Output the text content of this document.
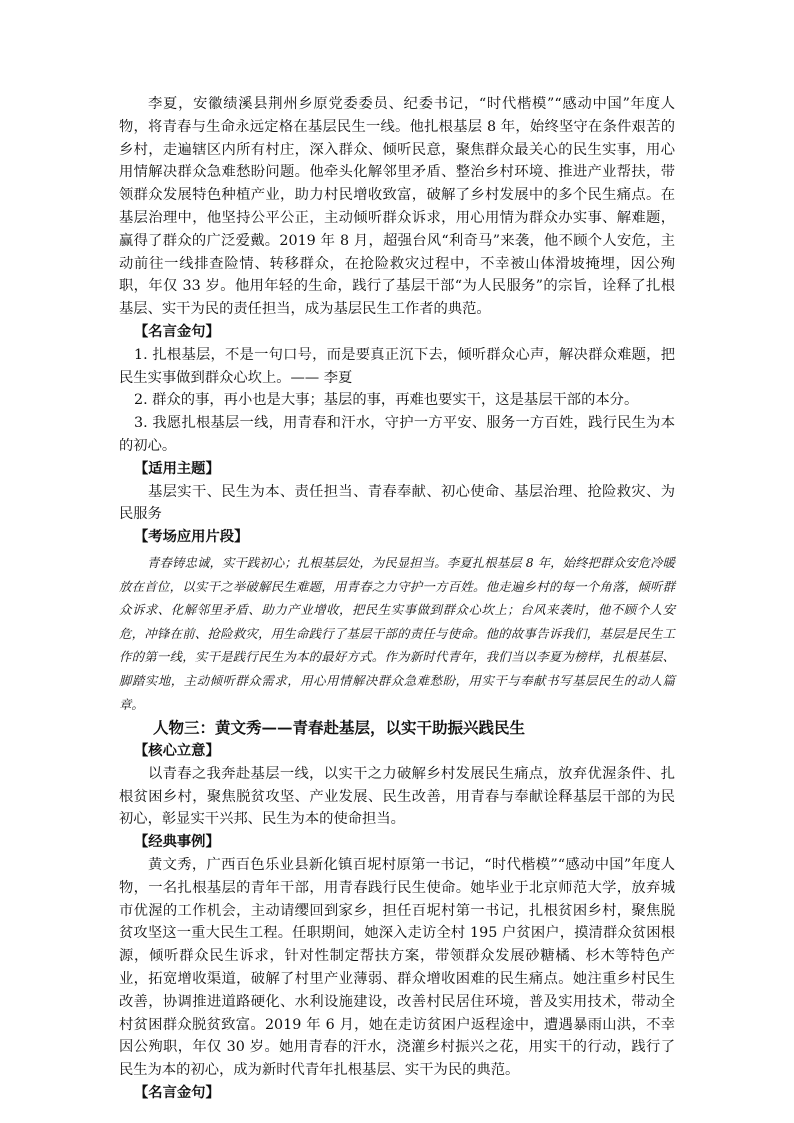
李夏，安徽绩溪县荆州乡原党委委员、纪委书记，“时代楷模”“感动中国”年度人物，将青春与生命永远定格在基层民生一线。他扎根基层 8 年，始终坚守在条件艰苦的乡村，走遍辖区内所有村庄，深入群众、倾听民意，聚焦群众最关心的民生实事，用心用情解决群众急难愁盼问题。他牵头化解邻里矛盾、整治乡村环境、推进产业帮扶，带领群众发展特色种植产业，助力村民增收致富，破解了乡村发展中的多个民生痛点。在基层治理中，他坚持公平公正，主动倾听群众诉求，用心用情为群众办实事、解难题，赢得了群众的广泛爱戴。2019 年 8 月，超强台风“利奇马”来袭，他不顾个人安危，主动前往一线排查险情、转移群众，在抢险救灾过程中，不幸被山体滑坡掩埋，因公殉职，年仅 33 岁。他用年轻的生命，践行了基层干部“为人民服务”的宗旨，诠释了扎根基层、实干为民的责任担当，成为基层民生工作者的典范。

【名言金句】

1. 扎根基层，不是一句口号，而是要真正沉下去，倾听群众心声，解决群众难题，把民生实事做到群众心坎上。—— 李夏

2. 群众的事，再小也是大事；基层的事，再难也要实干，这是基层干部的本分。

3. 我愿扎根基层一线，用青春和汗水，守护一方平安、服务一方百姓，践行民生为本的初心。

【适用主题】

基层实干、民生为本、责任担当、青春奉献、初心使命、基层治理、抢险救灾、为民服务

【考场应用片段】

青春铸忠诚，实干践初心；扎根基层处，为民显担当。李夏扎根基层 8 年，始终把群众安危冷暖放在首位，以实干之举破解民生难题，用青春之力守护一方百姓。他走遍乡村的每一个角落，倾听群众诉求、化解邻里矛盾、助力产业增收，把民生实事做到群众心坎上；台风来袭时，他不顾个人安危，冲锋在前、抢险救灾，用生命践行了基层干部的责任与使命。他的故事告诉我们，基层是民生工作的第一线，实干是践行民生为本的最好方式。作为新时代青年，我们当以李夏为榜样，扎根基层、脚踏实地，主动倾听群众需求，用心用情解决群众急难愁盼，用实干与奉献书写基层民生的动人篇章。

人物三：黄文秀——青春赴基层，以实干助振兴践民生

【核心立意】

以青春之我奔赴基层一线，以实干之力破解乡村发展民生痛点，放弃优渥条件、扎根贫困乡村，聚焦脱贫攻坚、产业发展、民生改善，用青春与奉献诠释基层干部的为民初心，彰显实干兴邦、民生为本的使命担当。

【经典事例】

黄文秀，广西百色乐业县新化镇百坭村原第一书记，“时代楷模”“感动中国”年度人物，一名扎根基层的青年干部，用青春践行民生使命。她毕业于北京师范大学，放弃城市优渥的工作机会，主动请缨回到家乡，担任百坭村第一书记，扎根贫困乡村，聚焦脱贫攻坚这一重大民生工程。任职期间，她深入走访全村 195 户贫困户，摸清群众贫困根源，倾听群众民生诉求，针对性制定帮扶方案，带领群众发展砂糖橘、杉木等特色产业，拓宽增收渠道，破解了村里产业薄弱、群众增收困难的民生痛点。她注重乡村民生改善，协调推进道路硬化、水利设施建设，改善村民居住环境，普及实用技术，带动全村贫困群众脱贫致富。2019 年 6 月，她在走访贫困户返程途中，遭遇暴雨山洪，不幸因公殉职，年仅 30 岁。她用青春的汗水，浇灌乡村振兴之花，用实干的行动，践行了民生为本的初心，成为新时代青年扎根基层、实干为民的典范。

【名言金句】
